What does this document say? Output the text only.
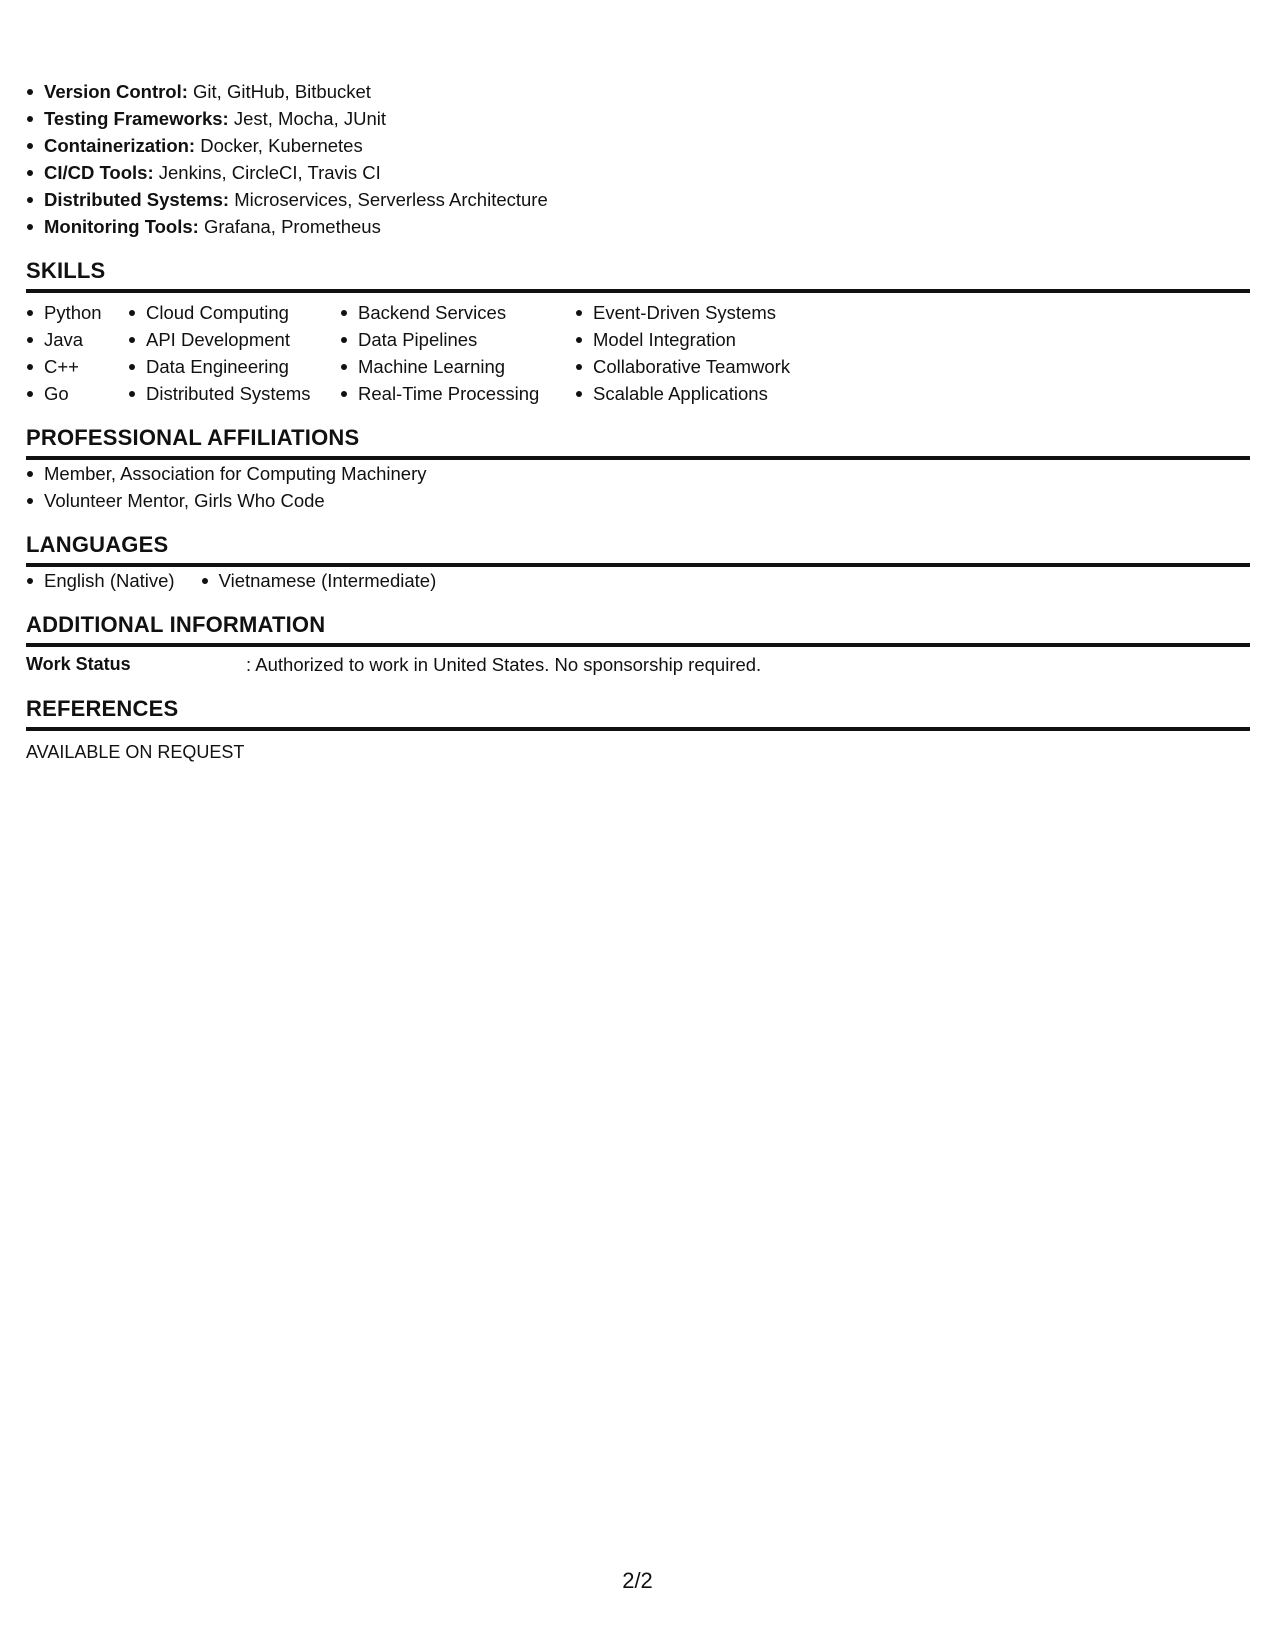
Version Control: Git, GitHub, Bitbucket
Testing Frameworks: Jest, Mocha, JUnit
Containerization: Docker, Kubernetes
CI/CD Tools: Jenkins, CircleCI, Travis CI
Distributed Systems: Microservices, Serverless Architecture
Monitoring Tools: Grafana, Prometheus
SKILLS
Python
Java
C++
Go
Cloud Computing
API Development
Data Engineering
Distributed Systems
Backend Services
Data Pipelines
Machine Learning
Real-Time Processing
Event-Driven Systems
Model Integration
Collaborative Teamwork
Scalable Applications
PROFESSIONAL AFFILIATIONS
Member, Association for Computing Machinery
Volunteer Mentor, Girls Who Code
LANGUAGES
English (Native)	Vietnamese (Intermediate)
ADDITIONAL INFORMATION
Work Status	: Authorized to work in United States. No sponsorship required.
REFERENCES
AVAILABLE ON REQUEST
2/2
